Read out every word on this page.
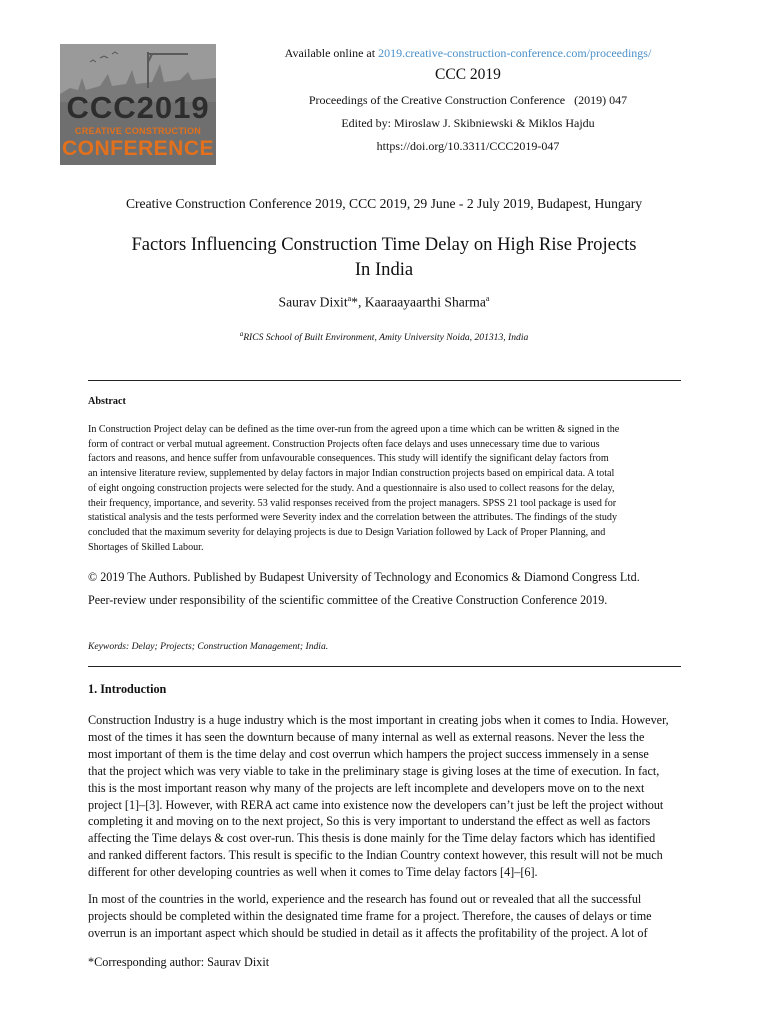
CCC2019
CREATIVE CONSTRUCTION
CONFERENCE
Available online at 2019.creative-construction-conference.com/proceedings/
CCC 2019
Proceedings of the Creative Construction Conference   (2019) 047
Edited by: Miroslaw J. Skibniewski & Miklos Hajdu
https://doi.org/10.3311/CCC2019-047
Creative Construction Conference 2019, CCC 2019, 29 June - 2 July 2019, Budapest, Hungary
Factors Influencing Construction Time Delay on High Rise Projects
In India
Saurav Dixit$^a$*, Kaaraayaarthi Sharma$^a$
$^a$RICS School of Built Environment, Amity University Noida, 201313, India
Abstract
In Construction Project delay can be defined as the time over-run from the agreed upon a time which can be written & signed in the
form of contract or verbal mutual agreement. Construction Projects often face delays and uses unnecessary time due to various
factors and reasons, and hence suffer from unfavourable consequences. This study will identify the significant delay factors from
an intensive literature review, supplemented by delay factors in major Indian construction projects based on empirical data. A total
of eight ongoing construction projects were selected for the study. And a questionnaire is also used to collect reasons for the delay,
their frequency, importance, and severity. 53 valid responses received from the project managers. SPSS 21 tool package is used for
statistical analysis and the tests performed were Severity index and the correlation between the attributes. The findings of the study
concluded that the maximum severity for delaying projects is due to Design Variation followed by Lack of Proper Planning, and
Shortages of Skilled Labour.
© 2019 The Authors. Published by Budapest University of Technology and Economics & Diamond Congress Ltd.
Peer-review under responsibility of the scientific committee of the Creative Construction Conference 2019.
Keywords: Delay; Projects; Construction Management; India.
1. Introduction
Construction Industry is a huge industry which is the most important in creating jobs when it comes to India. However,
most of the times it has seen the downturn because of many internal as well as external reasons. Never the less the
most important of them is the time delay and cost overrun which hampers the project success immensely in a sense
that the project which was very viable to take in the preliminary stage is giving loses at the time of execution. In fact,
this is the most important reason why many of the projects are left incomplete and developers move on to the next
project [1]–[3]. However, with RERA act came into existence now the developers can’t just be left the project without
completing it and moving on to the next project, So this is very important to understand the effect as well as factors
affecting the Time delays & cost over-run. This thesis is done mainly for the Time delay factors which has identified
and ranked different factors. This result is specific to the Indian Country context however, this result will not be much
different for other developing countries as well when it comes to Time delay factors [4]–[6].
In most of the countries in the world, experience and the research has found out or revealed that all the successful
projects should be completed within the designated time frame for a project. Therefore, the causes of delays or time
overrun is an important aspect which should be studied in detail as it affects the profitability of the project. A lot of
*Corresponding author: Saurav Dixit
